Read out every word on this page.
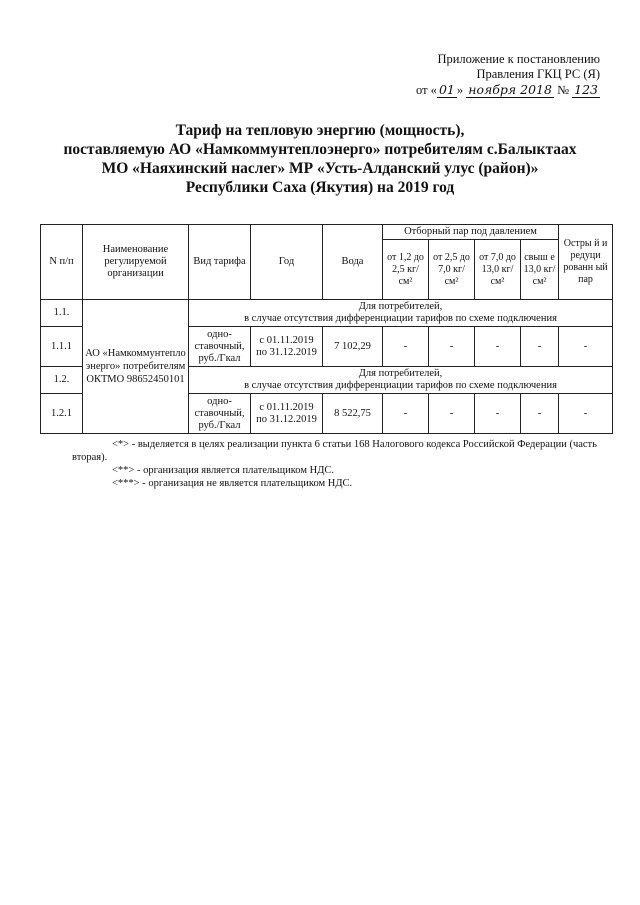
Приложение к постановлению
Правления ГКЦ РС (Я)
от « 01 » ноября 2018 № 123
Тариф на тепловую энергию (мощность),
поставляемую АО «Намкоммунтеплоэнерго» потребителям с.Балыктаах
МО «Наяхинский наслег» МР «Усть-Алданский улус (район)»
Республики Саха (Якутия) на 2019 год
N п/п	Наименование регулируемой организации	Вид тарифа	Год	Вода	Отборный пар под давлением				Остры й и редуци рованн ый пар
					от 1,2 до 2,5 кг/ см²	от 2,5 до 7,0 кг/ см²	от 7,0 до 13,0 кг/ см²	свыш е 13,0 кг/ см²	
1.1.	АО «Намкоммунтепло энерго» потребителям ОКТМО 98652450101	Для потребителей,
в случае отсутствия дифференциации тарифов по схеме подключения							

1.1.1		одно- ставочный, руб./Гкал	с 01.11.2019
по 31.12.2019	7 102,29	-	-	-	-	-
1.2.		Для потребителей,
в случае отсутствия дифференциации тарифов по схеме подключения							

1.2.1		одно- ставочный, руб./Гкал	с 01.11.2019
по 31.12.2019	8 522,75	-	-	-	-	-
<*> - выделяется в целях реализации пункта 6 статьи 168 Налогового кодекса Российской Федерации (часть вторая).
<**> - организация является плательщиком НДС.
<***> - организация не является плательщиком НДС.
